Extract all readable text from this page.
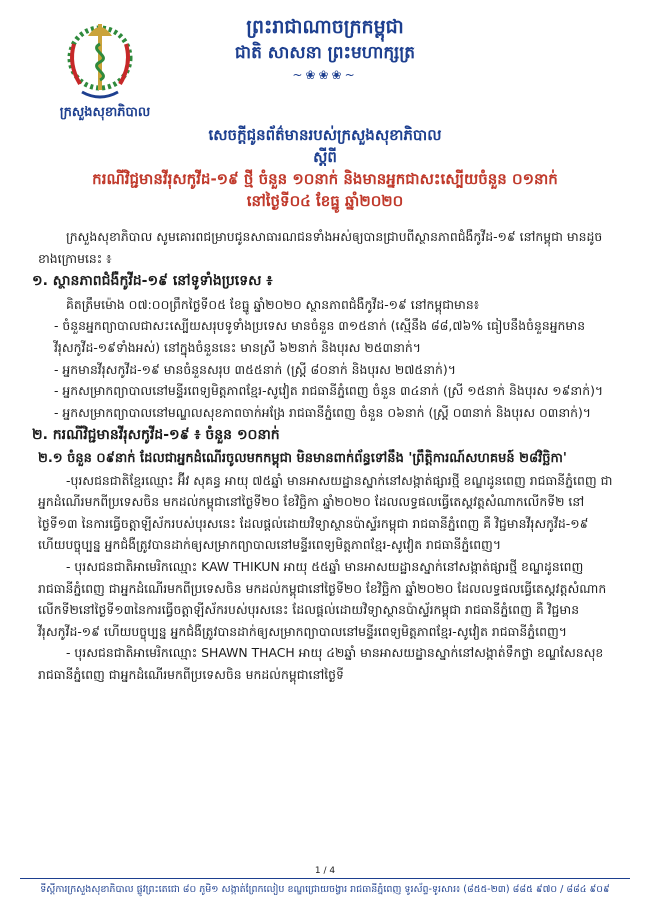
ក្រសួងសុខាភិបាល
ព្រះរាជាណាចក្រកម្ពុជា
ជាតិ សាសនា ព្រះមហាក្សត្រ
~❀❀❀~
សេចក្តីជូនព័ត៌មានរបស់ក្រសួងសុខាភិបាល
ស្តីពី
ករណីវិជ្ជមានវីរុសកូវីដ-១៩ ថ្មី ចំនួន ១០នាក់ និងមានអ្នកជាសះស្បើយចំនួន ០១នាក់
នៅថ្ងៃទី០៤ ខែធ្នូ ឆ្នាំ២០២០

ក្រសួងសុខាភិបាល សូមគោរពជម្រាបជូនសាធារណជនទាំងអស់ឲ្យបានជ្រាបពីស្ថានភាពជំងឺកូវីដ-១៩ នៅកម្ពុជា មានដូចខាងក្រោមនេះ ៖

១. ស្ថានភាពជំងឺកូវីដ-១៩ នៅទូទាំងប្រទេស ៖

គិតត្រឹមម៉ោង ០៧:០០ព្រឹកថ្ងៃទី០៥ ខែធ្នូ ឆ្នាំ២០២០ ស្ថានភាពជំងឺកូវីដ-១៩ នៅកម្ពុជាមាន៖

- ចំនួនអ្នកព្យាបាលជាសះស្បើយសរុបទូទាំងប្រទេស មានចំនួន ៣១៥នាក់ (ស្មើនឹង ៨៨,៧៦% ធៀបនឹងចំនួនអ្នកមានវីរុសកូវីដ-១៩ទាំងអស់) នៅក្នុងចំនួននេះ មានស្រី ៦២នាក់ និងបុរស ២៥៣នាក់។

- អ្នកមានវីរុសកូវីដ-១៩ មានចំនួនសរុប ៣៥៥នាក់ (ស្ត្រី ៨០នាក់ និងបុរស ២៧៥នាក់)។

- អ្នកសម្រាកព្យាបាលនៅមន្ទីរពេទ្យមិត្តភាពខ្មែរ-សូវៀត រាជធានីភ្នំពេញ ចំនួន ៣៤នាក់ (ស្រី ១៥នាក់ និងបុរស ១៩នាក់)។

- អ្នកសម្រាកព្យាបាលនៅមណ្ឌលសុខភាពចាក់អង្រែ រាជធានីភ្នំពេញ ចំនួន ០៦នាក់ (ស្ត្រី ០៣នាក់ និងបុរស ០៣នាក់)។

២. ករណីវិជ្ជមានវីរុសកូវីដ-១៩ ៖ ចំនួន ១០នាក់

២.១ ចំនួន ០៩នាក់ ដែលជាអ្នកដំណើរចូលមកកម្ពុជា មិនមានពាក់ព័ន្ធទៅនឹង 'ព្រឹត្តិការណ៍សហគមន៍ ២៨វិច្ឆិកា'

-បុរសជនជាតិខ្មែរឈ្មោះ អ៊ីវ សុគន្ធ អាយុ ៧៥ឆ្នាំ មានអាសយដ្ឋានស្នាក់នៅសង្កាត់ផ្សារថ្មី ខណ្ឌដូនពេញ រាជធានីភ្នំពេញ ជាអ្នកដំណើរមកពីប្រទេសចិន មកដល់កម្ពុជានៅថ្ងៃទី២០ ខែវិច្ឆិកា ឆ្នាំ២០២០ ដែលលទ្ធផលធ្វើតេស្តវត្តសំណាកលើកទី២ នៅថ្ងៃទី១៣ នៃការធ្វើចត្តាឡីស័ករបស់បុរសនេះ ដែលផ្តល់ដោយវិទ្យាស្ថានប៉ាស្ទ័រកម្ពុជា រាជធានីភ្នំពេញ គឺ វិជ្ជមានវីរុសកូវីដ-១៩ ហើយបច្ចុប្បន្ន អ្នកជំងឺត្រូវបានដាក់ឲ្យសម្រាកព្យាបាលនៅមន្ទីរពេទ្យមិត្តភាពខ្មែរ-សូវៀត រាជធានីភ្នំពេញ។

- បុរសជនជាតិអាមេរិកឈ្មោះ KAW THIKUN អាយុ ៥៥ឆ្នាំ មានអាសយដ្ឋានស្នាក់នៅសង្កាត់ផ្សារថ្មី ខណ្ឌដូនពេញ រាជធានីភ្នំពេញ ជាអ្នកដំណើរមកពីប្រទេសចិន មកដល់កម្ពុជានៅថ្ងៃទី២០ ខែវិច្ឆិកា ឆ្នាំ២០២០ ដែលលទ្ធផលធ្វើតេស្តវត្តសំណាកលើកទី២នៅថ្ងៃទី១៣នៃការធ្វើចត្តាឡីស័ករបស់បុរសនេះ ដែលផ្តល់ដោយវិទ្យាស្ថានប៉ាស្ទ័រកម្ពុជា រាជធានីភ្នំពេញ គឺ វិជ្ជមានវីរុសកូវីដ-១៩ ហើយបច្ចុប្បន្ន អ្នកជំងឺត្រូវបានដាក់ឲ្យសម្រាកព្យាបាលនៅមន្ទីរពេទ្យមិត្តភាពខ្មែរ-សូវៀត រាជធានីភ្នំពេញ។

- បុរសជនជាតិអាមេរិកឈ្មោះ SHAWN THACH អាយុ ៤២ឆ្នាំ មានអាសយដ្ឋានស្នាក់នៅសង្កាត់ទឹកថ្លា ខណ្ឌសែនសុខ រាជធានីភ្នំពេញ ជាអ្នកដំណើរមកពីប្រទេសចិន មកដល់កម្ពុជានៅថ្ងៃទី

1 / 4
ទីស្តីការក្រសួងសុខាភិបាល ផ្លូវព្រះតេជោ ៨០ ភូមិ១ សង្កាត់ព្រែកលៀប ខណ្ឌជ្រោយចង្វារ រាជធានីភ្នំពេញ ទូរស័ព្ទ-ទូរសារ៖ (៨៥៥-២៣) ៨៨៥ ៩៧០ / ៨៨៤ ៩០៩
